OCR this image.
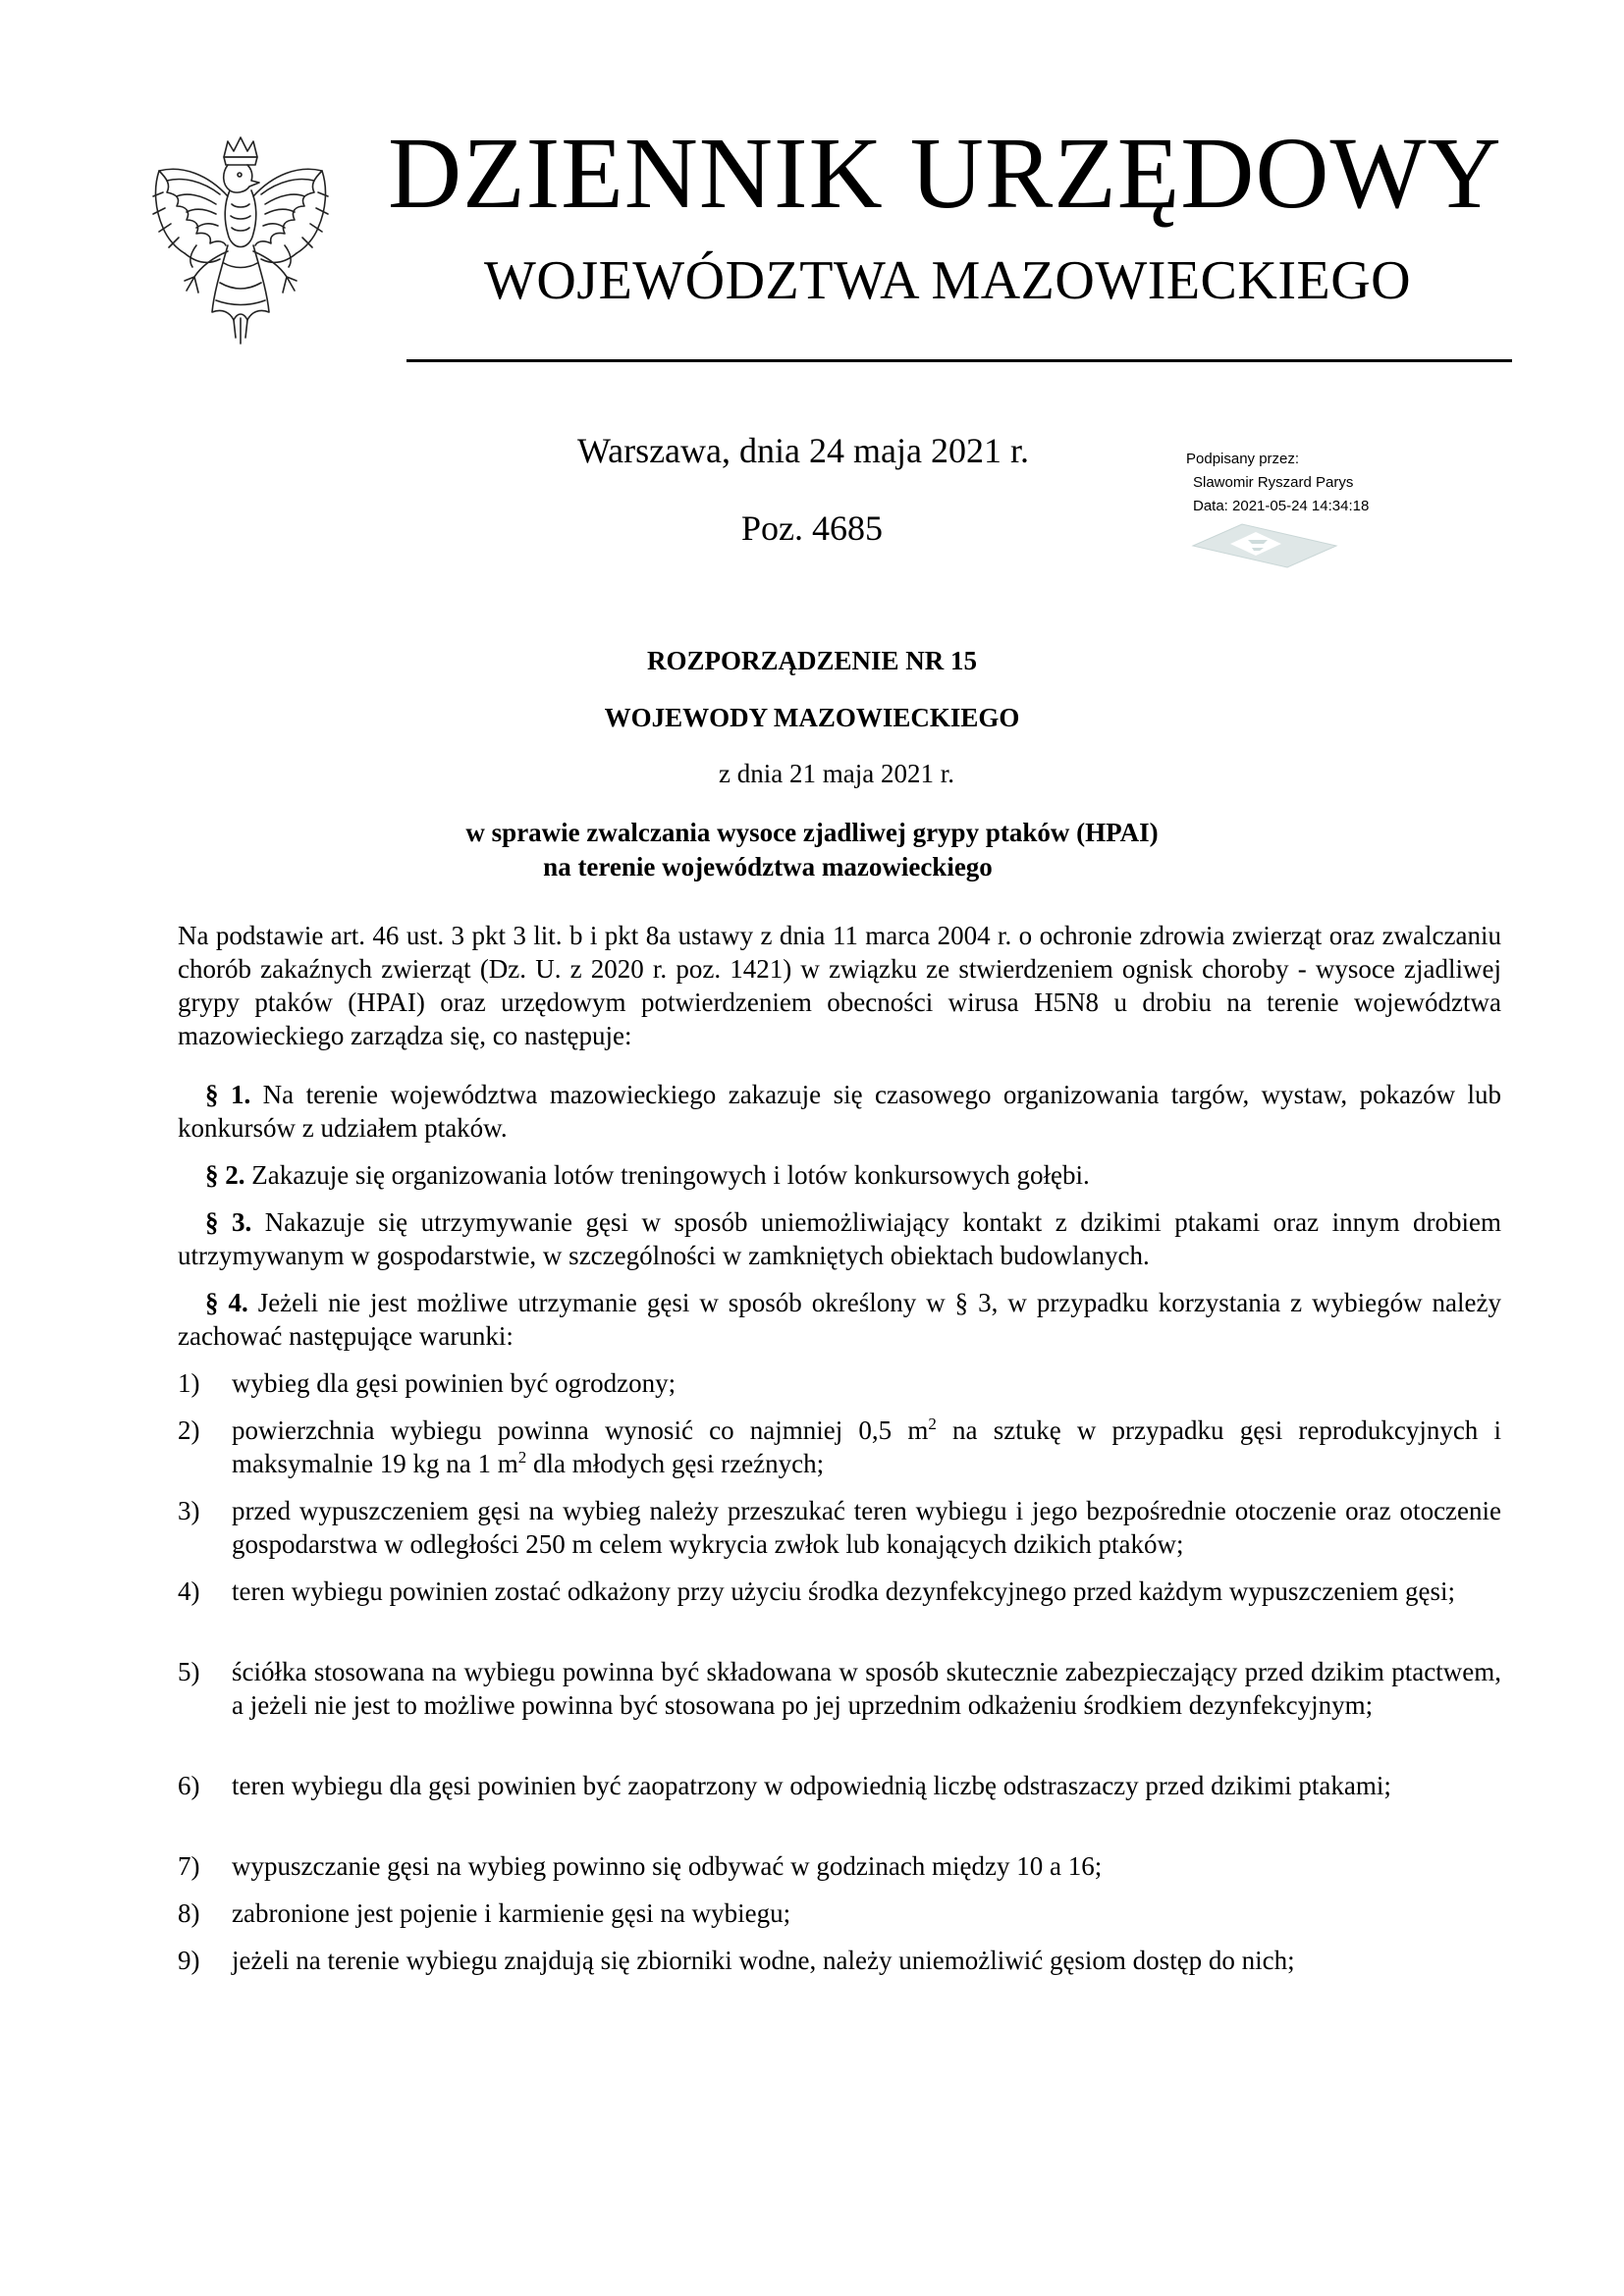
DZIENNIK URZĘDOWY
WOJEWÓDZTWA MAZOWIECKIEGO
Warszawa, dnia 24 maja 2021 r.
Poz. 4685
Podpisany przez:
Slawomir Ryszard Parys
Data: 2021-05-24 14:34:18
ROZPORZĄDZENIE NR 15
WOJEWODY MAZOWIECKIEGO
z dnia 21 maja 2021 r.
w sprawie zwalczania wysoce zjadliwej grypy ptaków (HPAI)
na terenie województwa mazowieckiego

Na podstawie art. 46 ust. 3 pkt 3 lit. b i pkt 8a ustawy z dnia 11 marca 2004 r. o ochronie zdrowia zwierząt oraz zwalczaniu chorób zakaźnych zwierząt (Dz. U. z 2020 r. poz. 1421) w związku ze stwierdzeniem ognisk choroby - wysoce zjadliwej grypy ptaków (HPAI) oraz urzędowym potwierdzeniem obecności wirusa H5N8 u drobiu na terenie województwa mazowieckiego zarządza się, co następuje:

§ 1. Na terenie województwa mazowieckiego zakazuje się czasowego organizowania targów, wystaw, pokazów lub konkursów z udziałem ptaków.

§ 2. Zakazuje się organizowania lotów treningowych i lotów konkursowych gołębi.

§ 3. Nakazuje się utrzymywanie gęsi w sposób uniemożliwiający kontakt z dzikimi ptakami oraz innym drobiem utrzymywanym w gospodarstwie, w szczególności w zamkniętych obiektach budowlanych.

§ 4. Jeżeli nie jest możliwe utrzymanie gęsi w sposób określony w § 3, w przypadku korzystania z wybiegów należy zachować następujące warunki:

1)	wybieg dla gęsi powinien być ogrodzony;
2)	powierzchnia wybiegu powinna wynosić co najmniej 0,5 $m^2$ na sztukę w przypadku gęsi reprodukcyjnych i maksymalnie 19 kg na 1 $m^2$ dla młodych gęsi rzeźnych;
3)	przed wypuszczeniem gęsi na wybieg należy przeszukać teren wybiegu i jego bezpośrednie otoczenie oraz otoczenie gospodarstwa w odległości 250 m celem wykrycia zwłok lub konających dzikich ptaków;
4)	teren wybiegu powinien zostać odkażony przy użyciu środka dezynfekcyjnego przed każdym wypuszczeniem gęsi;
5)	ściółka stosowana na wybiegu powinna być składowana w sposób skutecznie zabezpieczający przed dzikim ptactwem, a jeżeli nie jest to możliwe powinna być stosowana po jej uprzednim odkażeniu środkiem dezynfekcyjnym;
6)	teren wybiegu dla gęsi powinien być zaopatrzony w odpowiednią liczbę odstraszaczy przed dzikimi ptakami;
7)	wypuszczanie gęsi na wybieg powinno się odbywać w godzinach między 10 a 16;
8)	zabronione jest pojenie i karmienie gęsi na wybiegu;
9)	jeżeli na terenie wybiegu znajdują się zbiorniki wodne, należy uniemożliwić gęsiom dostęp do nich;
